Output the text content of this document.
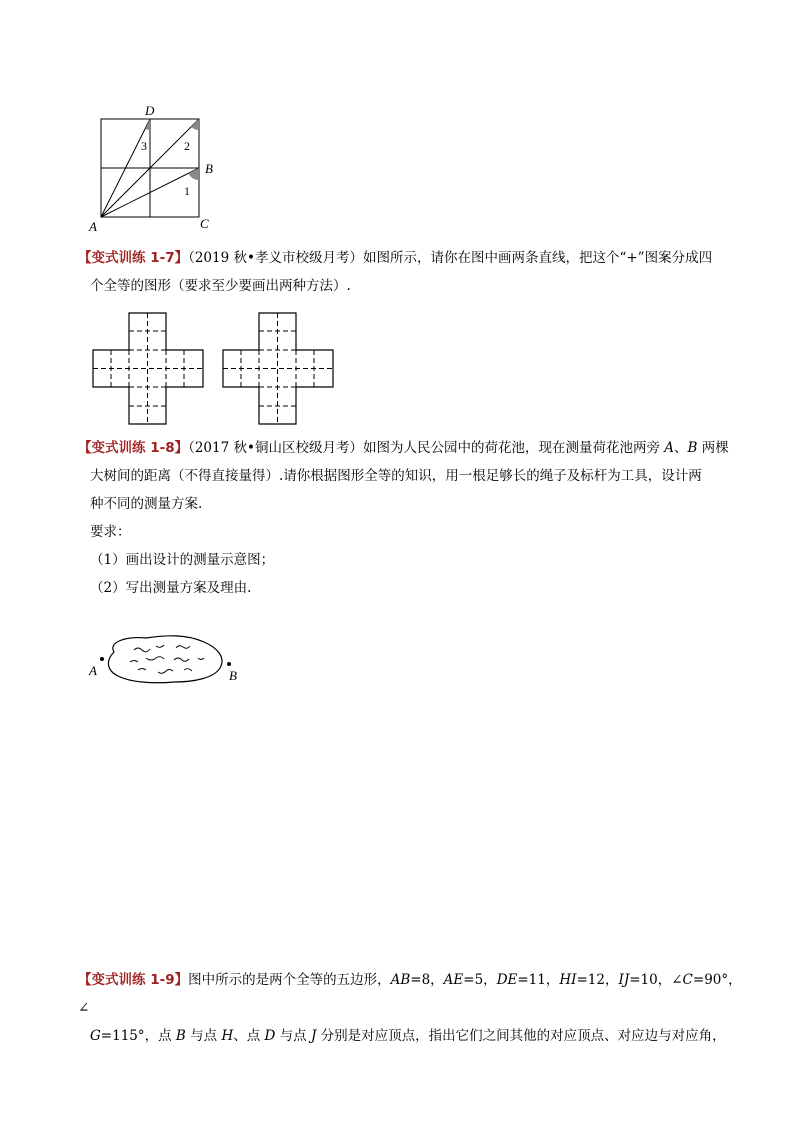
D
B
C
A
1
2
3
【变式训练 1-7】（2019 秋•孝义市校级月考）如图所示，请你在图中画两条直线，把这个“+”图案分成四
个全等的图形（要求至少要画出两种方法）.
【变式训练 1-8】（2017 秋•铜山区校级月考）如图为人民公园中的荷花池，现在测量荷花池两旁 A、B 两棵
大树间的距离（不得直接量得）.请你根据图形全等的知识，用一根足够长的绳子及标杆为工具，设计两
种不同的测量方案.
要求：
（1）画出设计的测量示意图；
（2）写出测量方案及理由.
A	B
【变式训练 1-9】图中所示的是两个全等的五边形，AB=8，AE=5，DE=11，HI=12，IJ=10，∠C=90°，∠
G=115°，点 B 与点 H、点 D 与点 J 分别是对应顶点，指出它们之间其他的对应顶点、对应边与对应角，
